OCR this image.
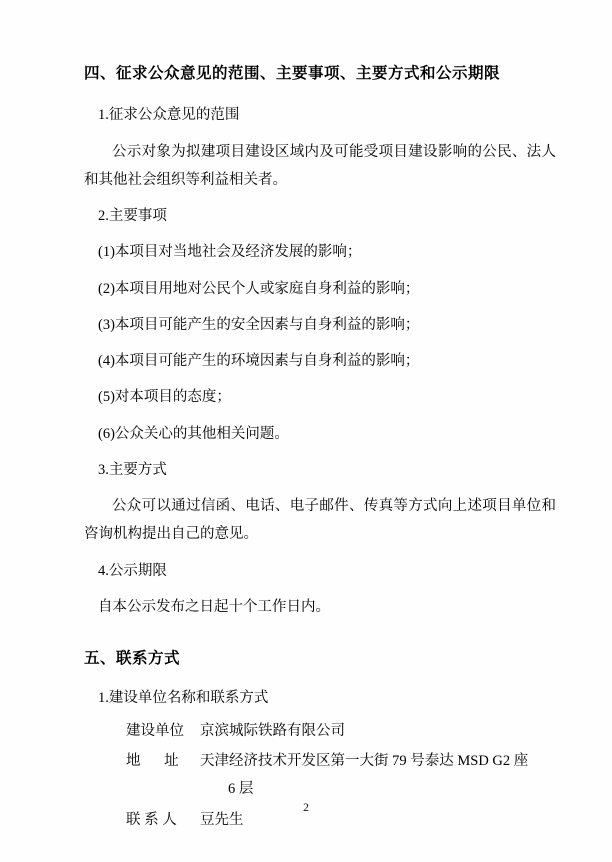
四、征求公众意见的范围、主要事项、主要方式和公示期限
1.征求公众意见的范围
公示对象为拟建项目建设区域内及可能受项目建设影响的公民、法人和其他社会组织等利益相关者。
2.主要事项
(1)本项目对当地社会及经济发展的影响；
(2)本项目用地对公民个人或家庭自身利益的影响；
(3)本项目可能产生的安全因素与自身利益的影响；
(4)本项目可能产生的环境因素与自身利益的影响；
(5)对本项目的态度；
(6)公众关心的其他相关问题。
3.主要方式
公众可以通过信函、电话、电子邮件、传真等方式向上述项目单位和咨询机构提出自己的意见。
4.公示期限
自本公示发布之日起十个工作日内。
五、联系方式
1.建设单位名称和联系方式
建设单位	京滨城际铁路有限公司
地 址 天津经济技术开发区第一大街 79 号泰达 MSD G2 座
6 层
联 系 人	豆先生
2
